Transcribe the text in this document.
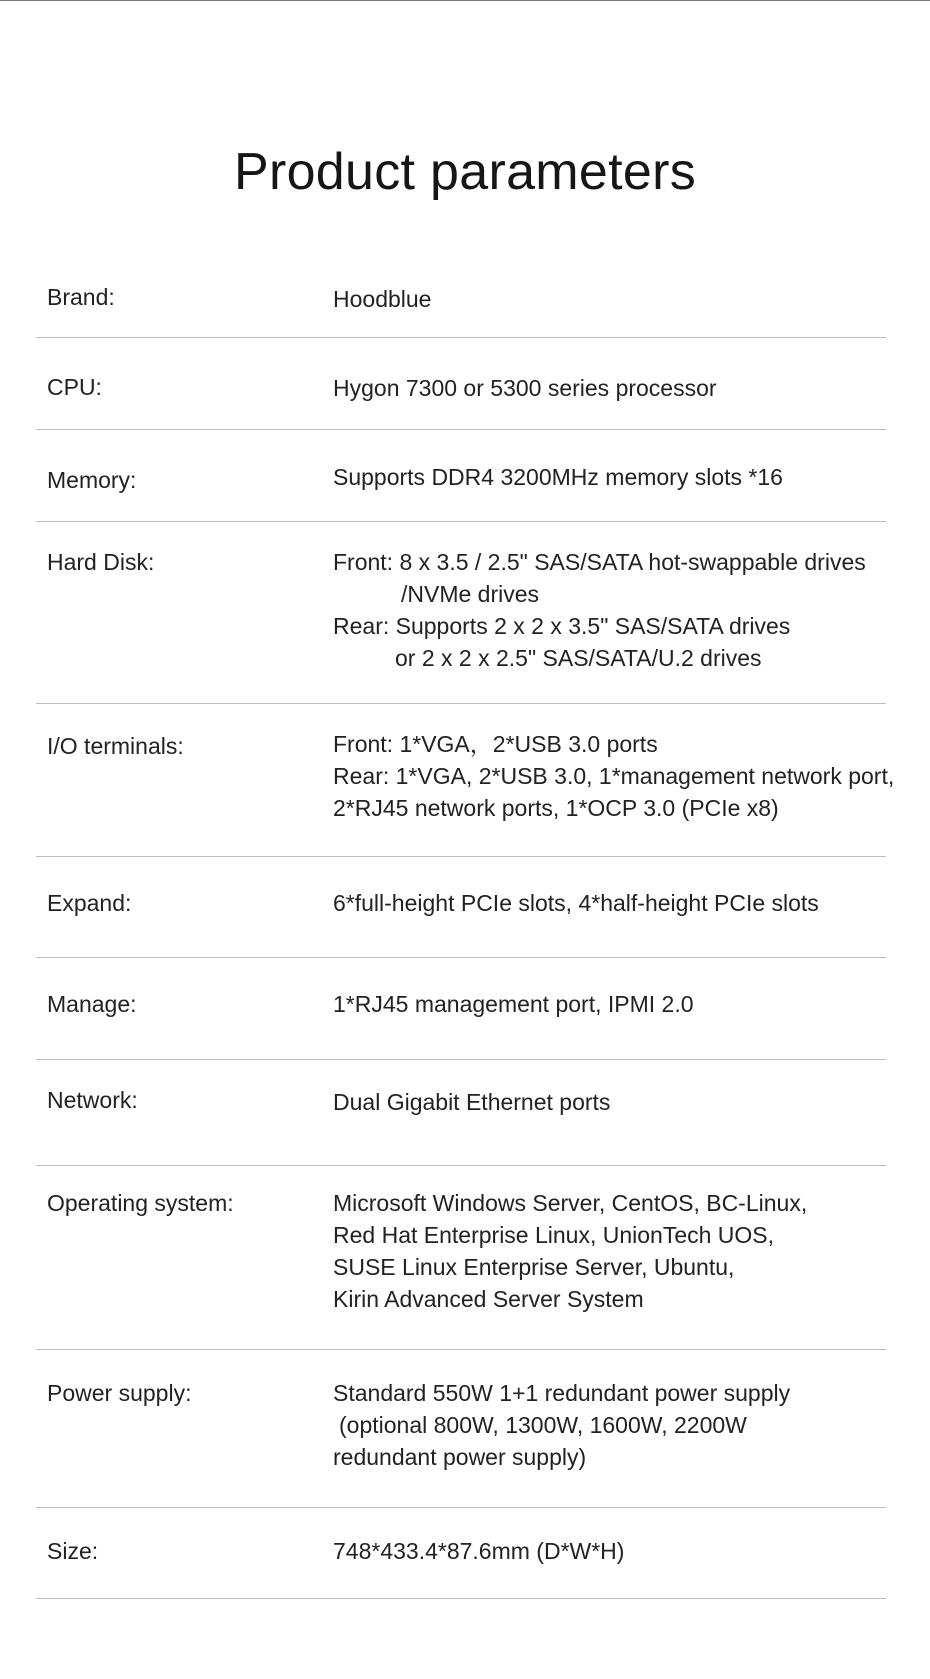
Product parameters
Brand:	Hoodblue
CPU:	Hygon 7300 or 5300 series processor
Memory:	Supports DDR4 3200MHz memory slots *16
Hard Disk:	Front: 8 x 3.5 / 2.5" SAS/SATA hot-swappable drives
/NVMe drives
Rear: Supports 2 x 2 x 3.5" SAS/SATA drives
or 2 x 2 x 2.5" SAS/SATA/U.2 drives
I/O terminals:	Front: 1*VGA，2*USB 3.0 ports
Rear: 1*VGA, 2*USB 3.0, 1*management network port,
2*RJ45 network ports, 1*OCP 3.0 (PCIe x8)
Expand:	6*full-height PCIe slots, 4*half-height PCIe slots
Manage:	1*RJ45 management port, IPMI 2.0
Network:	Dual Gigabit Ethernet ports
Operating system:	Microsoft Windows Server, CentOS, BC-Linux,
Red Hat Enterprise Linux, UnionTech UOS,
SUSE Linux Enterprise Server, Ubuntu,
Kirin Advanced Server System
Power supply:	Standard 550W 1+1 redundant power supply
(optional 800W, 1300W, 1600W, 2200W
redundant power supply)
Size:	748*433.4*87.6mm (D*W*H)
